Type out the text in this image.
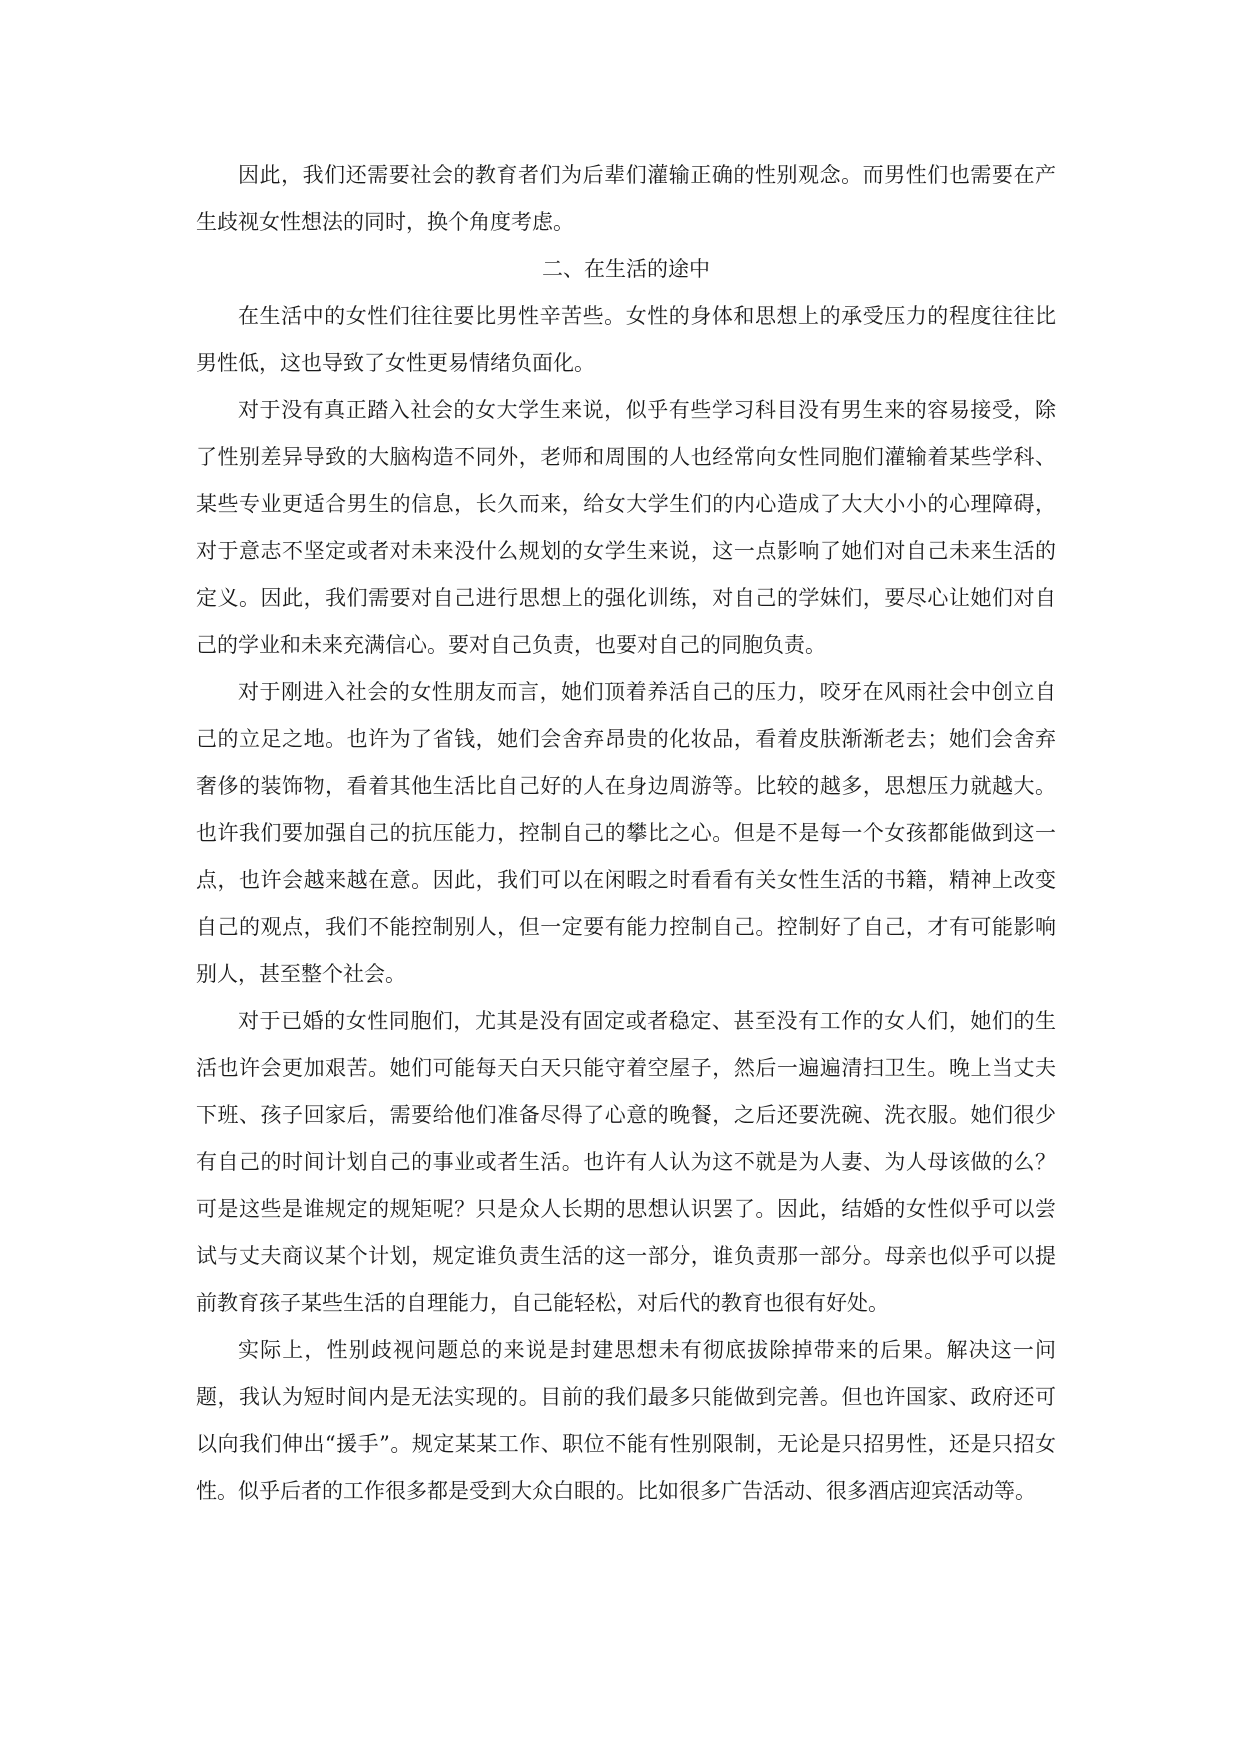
因此，我们还需要社会的教育者们为后辈们灌输正确的性别观念。而男性们也需要在产生歧视女性想法的同时，换个角度考虑。

二、在生活的途中

在生活中的女性们往往要比男性辛苦些。女性的身体和思想上的承受压力的程度往往比男性低，这也导致了女性更易情绪负面化。

对于没有真正踏入社会的女大学生来说，似乎有些学习科目没有男生来的容易接受，除了性别差异导致的大脑构造不同外，老师和周围的人也经常向女性同胞们灌输着某些学科、某些专业更适合男生的信息，长久而来，给女大学生们的内心造成了大大小小的心理障碍，对于意志不坚定或者对未来没什么规划的女学生来说，这一点影响了她们对自己未来生活的定义。因此，我们需要对自己进行思想上的强化训练，对自己的学妹们，要尽心让她们对自己的学业和未来充满信心。要对自己负责，也要对自己的同胞负责。

对于刚进入社会的女性朋友而言，她们顶着养活自己的压力，咬牙在风雨社会中创立自己的立足之地。也许为了省钱，她们会舍弃昂贵的化妆品，看着皮肤渐渐老去；她们会舍弃奢侈的装饰物，看着其他生活比自己好的人在身边周游等。比较的越多，思想压力就越大。也许我们要加强自己的抗压能力，控制自己的攀比之心。但是不是每一个女孩都能做到这一点，也许会越来越在意。因此，我们可以在闲暇之时看看有关女性生活的书籍，精神上改变自己的观点，我们不能控制别人，但一定要有能力控制自己。控制好了自己，才有可能影响别人，甚至整个社会。

对于已婚的女性同胞们，尤其是没有固定或者稳定、甚至没有工作的女人们，她们的生活也许会更加艰苦。她们可能每天白天只能守着空屋子，然后一遍遍清扫卫生。晚上当丈夫下班、孩子回家后，需要给他们准备尽得了心意的晚餐，之后还要洗碗、洗衣服。她们很少有自己的时间计划自己的事业或者生活。也许有人认为这不就是为人妻、为人母该做的么？可是这些是谁规定的规矩呢？只是众人长期的思想认识罢了。因此，结婚的女性似乎可以尝试与丈夫商议某个计划，规定谁负责生活的这一部分，谁负责那一部分。母亲也似乎可以提前教育孩子某些生活的自理能力，自己能轻松，对后代的教育也很有好处。

实际上，性别歧视问题总的来说是封建思想未有彻底拔除掉带来的后果。解决这一问题，我认为短时间内是无法实现的。目前的我们最多只能做到完善。但也许国家、政府还可以向我们伸出“援手”。规定某某工作、职位不能有性别限制，无论是只招男性，还是只招女性。似乎后者的工作很多都是受到大众白眼的。比如很多广告活动、很多酒店迎宾活动等。
